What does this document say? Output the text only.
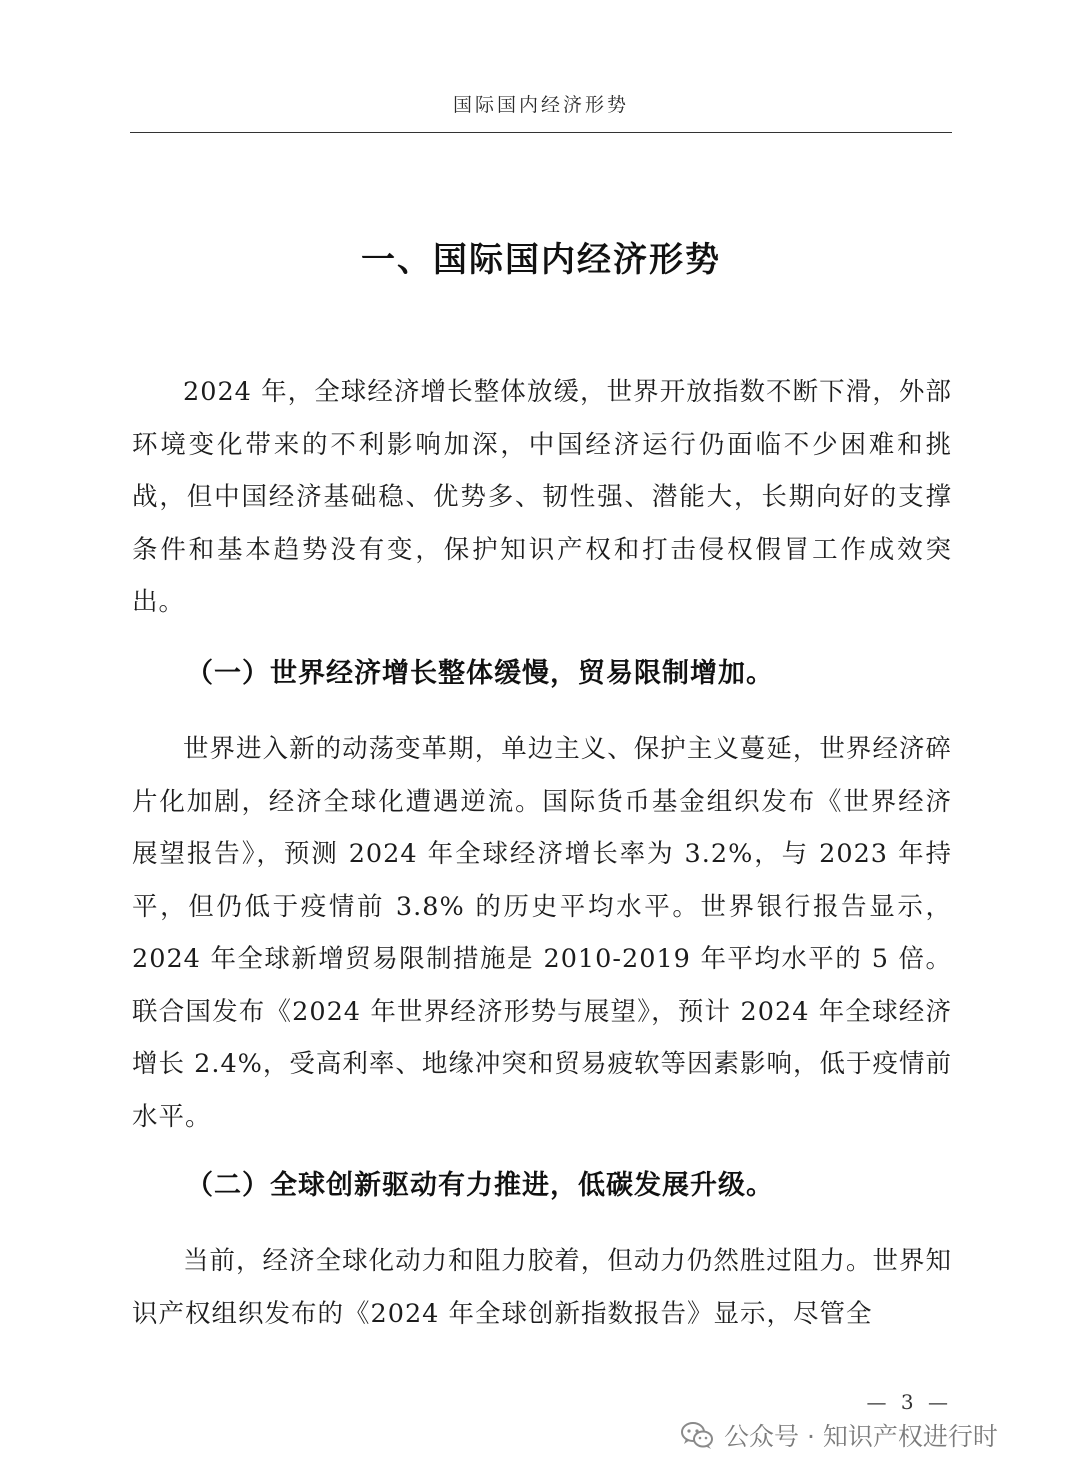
国际国内经济形势
一、国际国内经济形势

2024 年，全球经济增长整体放缓，世界开放指数不断下滑，外部环境变化带来的不利影响加深，中国经济运行仍面临不少困难和挑战，但中国经济基础稳、优势多、韧性强、潜能大，长期向好的支撑条件和基本趋势没有变，保护知识产权和打击侵权假冒工作成效突出。

（一）世界经济增长整体缓慢，贸易限制增加。

世界进入新的动荡变革期，单边主义、保护主义蔓延，世界经济碎片化加剧，经济全球化遭遇逆流。国际货币基金组织发布《世界经济展望报告》，预测 2024 年全球经济增长率为 3.2%，与 2023 年持平，但仍低于疫情前 3.8% 的历史平均水平。世界银行报告显示，2024 年全球新增贸易限制措施是 2010-2019 年平均水平的 5 倍。联合国发布《2024 年世界经济形势与展望》，预计 2024 年全球经济增长 2.4%，受高利率、地缘冲突和贸易疲软等因素影响，低于疫情前水平。

（二）全球创新驱动有力推进，低碳发展升级。

当前，经济全球化动力和阻力胶着，但动力仍然胜过阻力。世界知识产权组织发布的《2024 年全球创新指数报告》显示，尽管全

— 3 —
公众号 · 知识产权进行时
